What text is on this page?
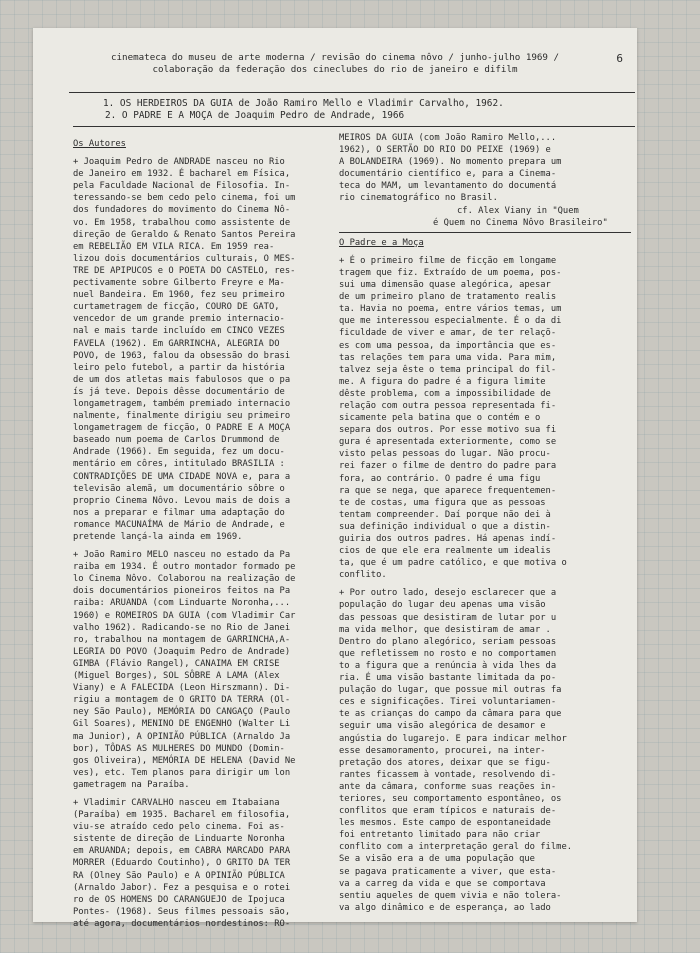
cinemateca do museu de arte moderna / revisão do cinema nôvo / junho-julho 1969 /
colaboração da federação dos cineclubes do rio de janeiro e difilm
6
1. OS HERDEIROS DA GUIA de João Ramiro Mello e Vladimir Carvalho, 1962.
2. O PADRE E A MOÇA de Joaquim Pedro de Andrade, 1966
Os Autores
+ Joaquim Pedro de ANDRADE nasceu no Rio
de Janeiro em 1932. É bacharel em Física,
pela Faculdade Nacional de Filosofia. In-
teressando-se bem cedo pelo cinema, foi um
dos fundadores do movimento do Cinema Nô-
vo. Em 1958, trabalhou como assistente de
direção de Geraldo & Renato Santos Pereira
em REBELIÃO EM VILA RICA. Em 1959 rea-
lizou dois documentários culturais, O MES-
TRE DE APIPUCOS e O POETA DO CASTELO, res-
pectivamente sobre Gilberto Freyre e Ma-
nuel Bandeira. Em 1960, fez seu primeiro
curtametragem de ficção, COURO DE GATO,
vencedor de um grande premio internacio-
nal e mais tarde incluído em CINCO VEZES
FAVELA (1962). Em GARRINCHA, ALEGRIA DO
POVO, de 1963, falou da obsessão do brasi
leiro pelo futebol, a partir da história
de um dos atletas mais fabulosos que o pa
ís já teve. Depois dêsse documentário de
longametragem, também premiado internacio
nalmente, finalmente dirigiu seu primeiro
longametragem de ficção, O PADRE E A MOÇA
baseado num poema de Carlos Drummond de
Andrade (1966). Em seguida, fez um docu-
mentário em côres, intitulado BRASILIA :
CONTRADIÇÕES DE UMA CIDADE NOVA e, para a
televisão alemã, um documentário sôbre o
proprio Cinema Nôvo. Levou mais de dois a
nos a preparar e filmar uma adaptação do
romance MACUNAÍMA de Mário de Andrade, e
pretende lançá-la ainda em 1969.
+ João Ramiro MELO nasceu no estado da Pa
raiba em 1934. É outro montador formado pe
lo Cinema Nôvo. Colaborou na realização de
dois documentários pioneiros feitos na Pa
raiba: ARUANDA (com Linduarte Noronha,...
1960) e ROMEIROS DA GUIA (com Vladimir Car
valho 1962). Radicando-se no Rio de Janei
ro, trabalhou na montagem de GARRINCHA,A-
LEGRIA DO POVO (Joaquim Pedro de Andrade)
GIMBA (Flávio Rangel), CANAIMA EM CRISE
(Miguel Borges), SOL SÔBRE A LAMA (Alex
Viany) e A FALECIDA (Leon Hirszmann). Di-
rigiu a montagem de O GRITO DA TERRA (Ol-
ney São Paulo), MEMÓRIA DO CANGAÇO (Paulo
Gil Soares), MENINO DE ENGENHO (Walter Li
ma Junior), A OPINIÃO PÚBLICA (Arnaldo Ja
bor), TÔDAS AS MULHERES DO MUNDO (Domin-
gos Oliveira), MEMÓRIA DE HELENA (David Ne
ves), etc. Tem planos para dirigir um lon
gametragem na Paraíba.
+ Vladimir CARVALHO nasceu em Itabaiana
(Paraíba) em 1935. Bacharel em filosofia,
viu-se atraído cedo pelo cinema. Foi as-
sistente de direção de Linduarte Noronha
em ARUANDA; depois, em CABRA MARCADO PARA
MORRER (Eduardo Coutinho), O GRITO DA TER
RA (Olney São Paulo) e A OPINIÃO PÚBLICA
(Arnaldo Jabor). Fez a pesquisa e o rotei
ro de OS HOMENS DO CARANGUEJO de Ipojuca
Pontes- (1968). Seus filmes pessoais são,
até agora, documentários nordestinos: RO-
MEIROS DA GUIA (com João Ramiro Mello,...
1962), O SERTÃO DO RIO DO PEIXE (1969) e
A BOLANDEIRA (1969). No momento prepara um
documentário científico e, para a Cinema-
teca do MAM, um levantamento do documentá
rio cinematográfico no Brasil.
cf. Alex Viany in "Quem
é Quem no Cinema Nôvo Brasileiro"
O Padre e a Moça
+ É o primeiro filme de ficção em longame
tragem que fiz. Extraído de um poema, pos-
sui uma dimensão quase alegórica, apesar
de um primeiro plano de tratamento realis
ta. Havia no poema, entre vários temas, um
que me interessou especialmente. É o da di
ficuldade de viver e amar, de ter relaçõ-
es com uma pessoa, da importância que es-
tas relações tem para uma vida. Para mim,
talvez seja êste o tema principal do fil-
me. A figura do padre é a figura limite
dêste problema, com a impossibilidade de
relação com outra pessoa representada fi-
sicamente pela batina que o contém e o
separa dos outros. Por esse motivo sua fi
gura é apresentada exteriormente, como se
visto pelas pessoas do lugar. Não procu-
rei fazer o filme de dentro do padre para
fora, ao contrário. O padre é uma figu
ra que se nega, que aparece frequentemen-
te de costas, uma figura que as pessoas
tentam compreender. Daí porque não dei à
sua definição individual o que a distin-
guiria dos outros padres. Há apenas indí-
cios de que ele era realmente um idealis
ta, que é um padre católico, e que motiva o
conflito.
+ Por outro lado, desejo esclarecer que a
população do lugar deu apenas uma visão
das pessoas que desistiram de lutar por u
ma vida melhor, que desistiram de amar .
Dentro do plano alegórico, seriam pessoas
que refletissem no rosto e no comportamen
to a figura que a renúncia à vida lhes da
ria. É uma visão bastante limitada da po-
pulação do lugar, que possue mil outras fa
ces e significações. Tirei voluntariamen-
te as crianças do campo da câmara para que
seguir uma visão alegórica de desamor e
angústia do lugarejo. E para indicar melhor
esse desamoramento, procurei, na inter-
pretação dos atores, deixar que se figu-
rantes ficassem à vontade, resolvendo di-
ante da câmara, conforme suas reações in-
teriores, seu comportamento espontâneo, os
conflitos que eram típicos e naturais de-
les mesmos. Este campo de espontaneidade
foi entretanto limitado para não criar
conflito com a interpretação geral do filme.
Se a visão era a de uma população que
se pagava praticamente a viver, que esta-
va a carreg da vida e que se comportava
sentiu aqueles de quem vivia e não tolera-
va algo dinâmico e de esperança, ao lado
